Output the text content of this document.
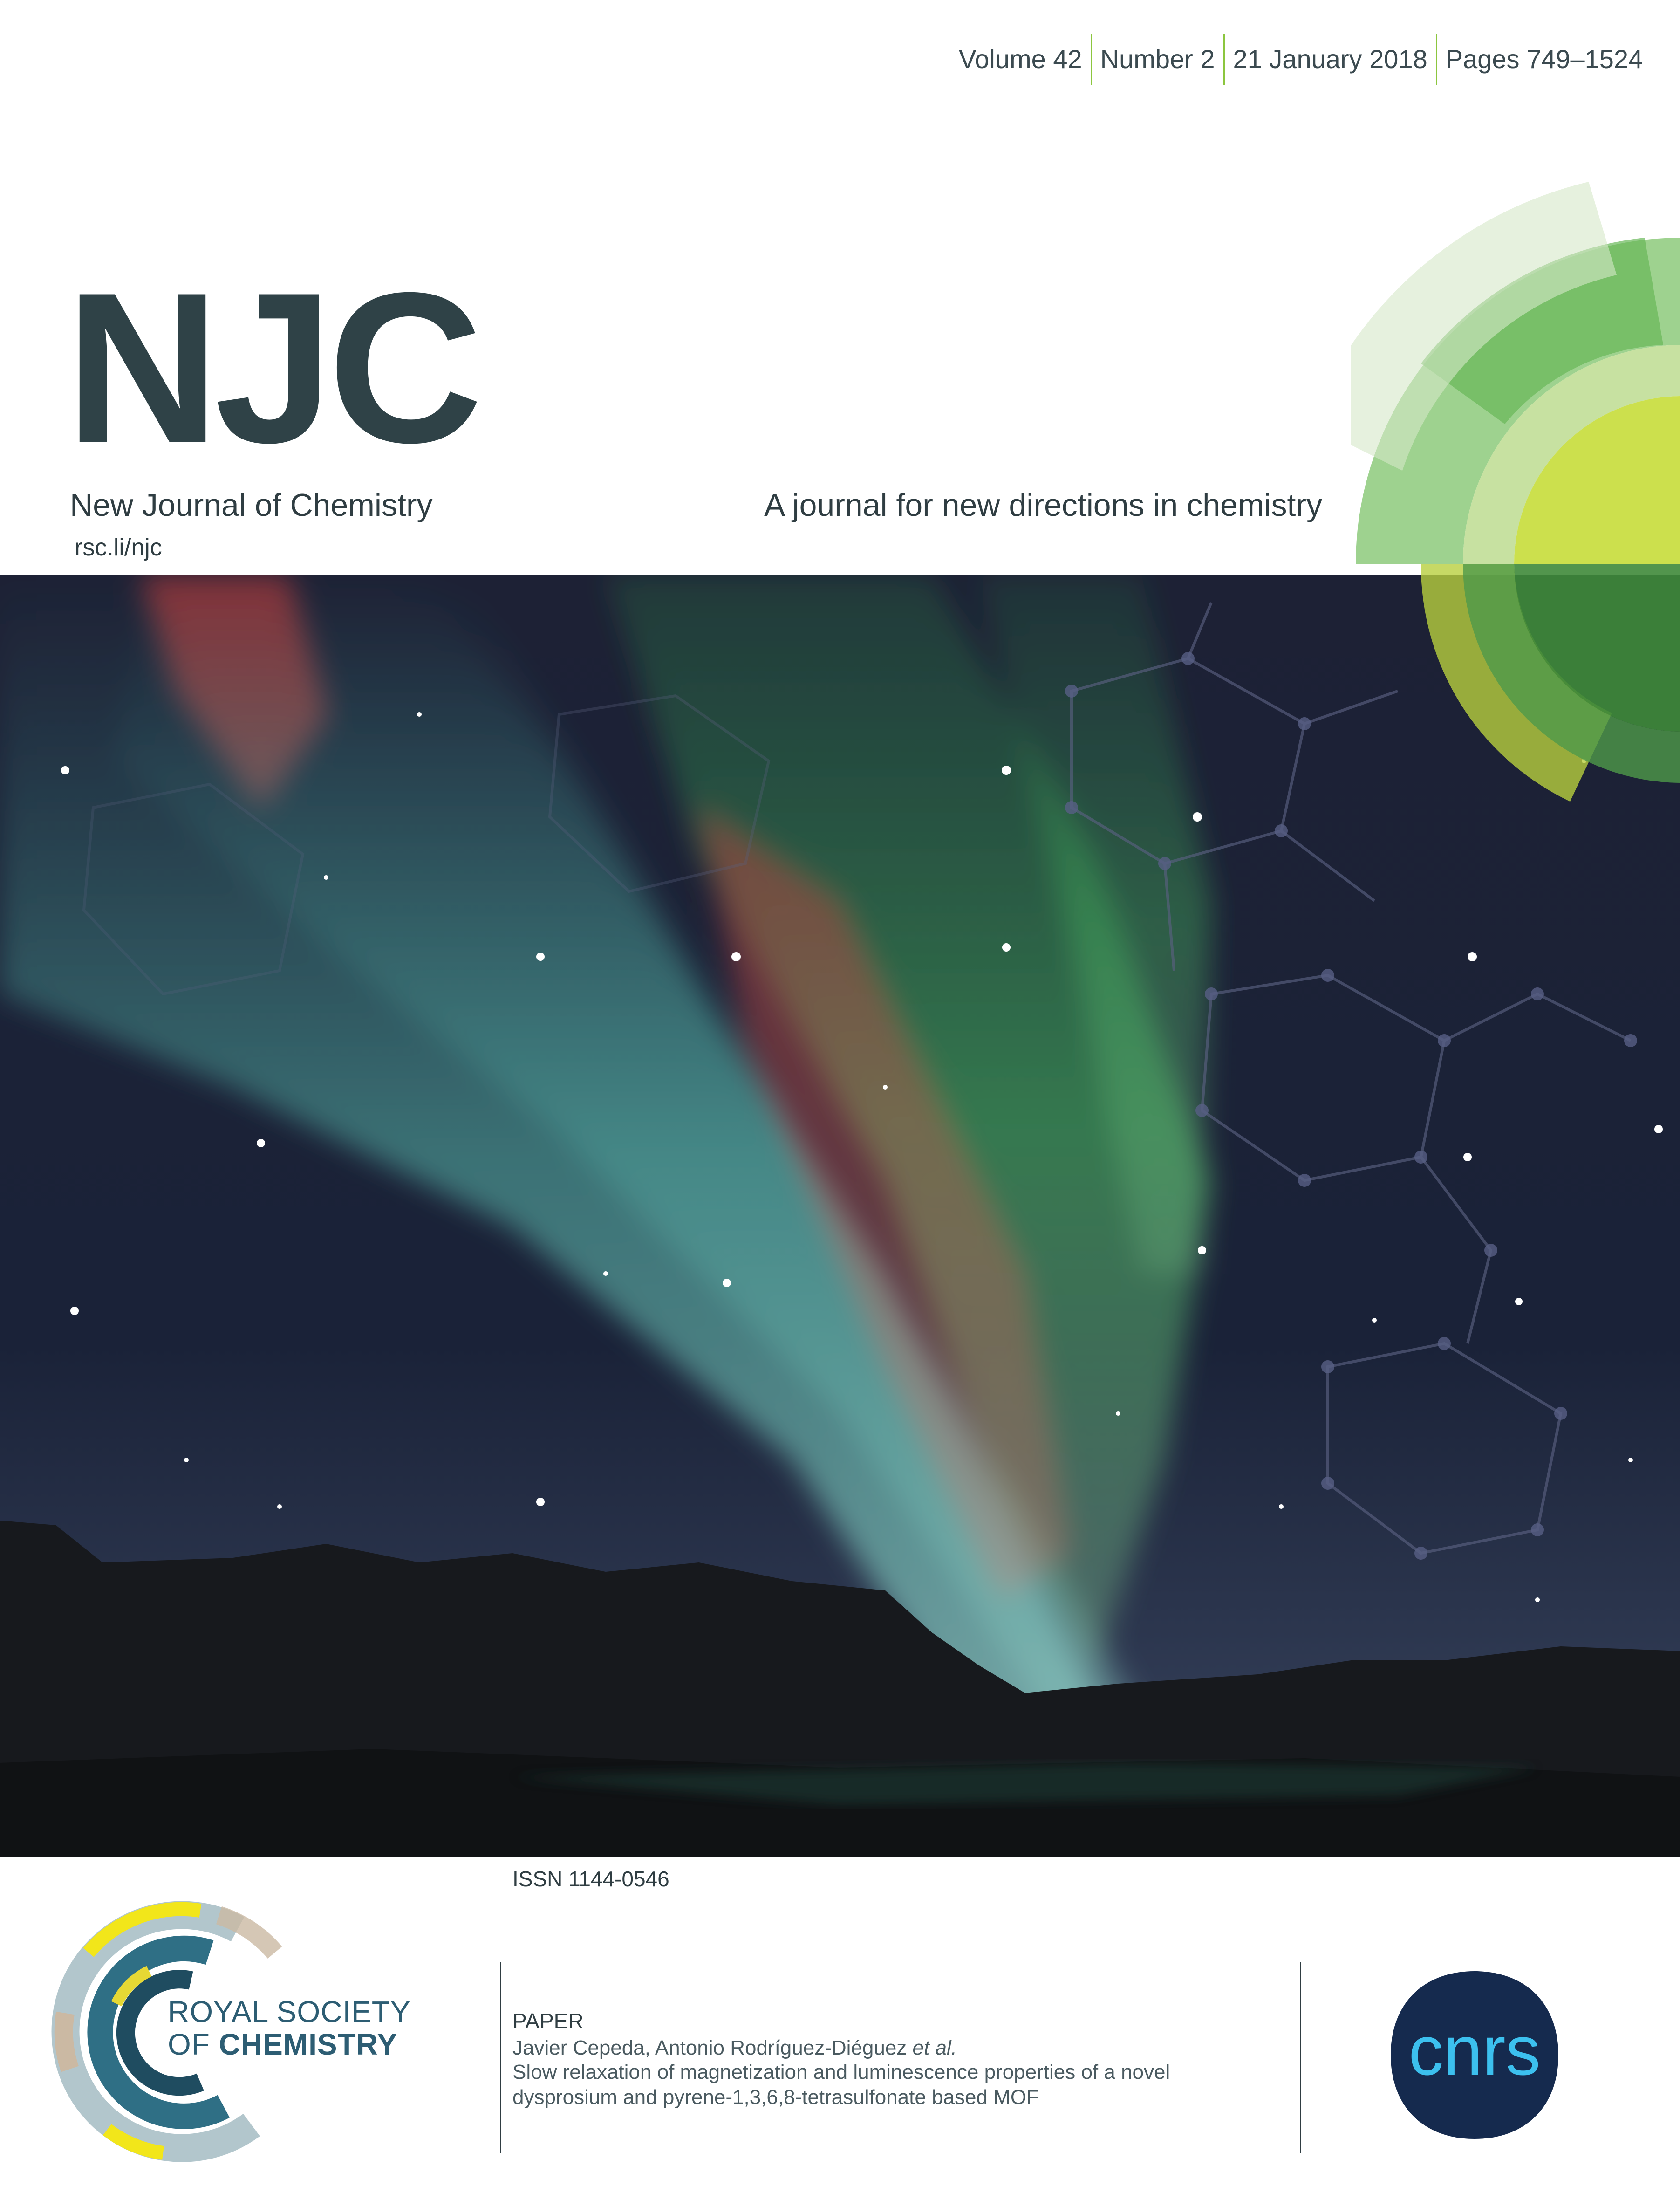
Volume 42 Number 2 21 January 2018 Pages 749–1524
NJC
New Journal of Chemistry
rsc.li/njc
A journal for new directions in chemistry
ISSN 1144-0546
ROYAL SOCIETY
OF CHEMISTRY
PAPER
Javier Cepeda, Antonio Rodríguez-Diéguez et al.
Slow relaxation of magnetization and luminescence properties of a novel
dysprosium and pyrene-1,3,6,8-tetrasulfonate based MOF
cnrs
